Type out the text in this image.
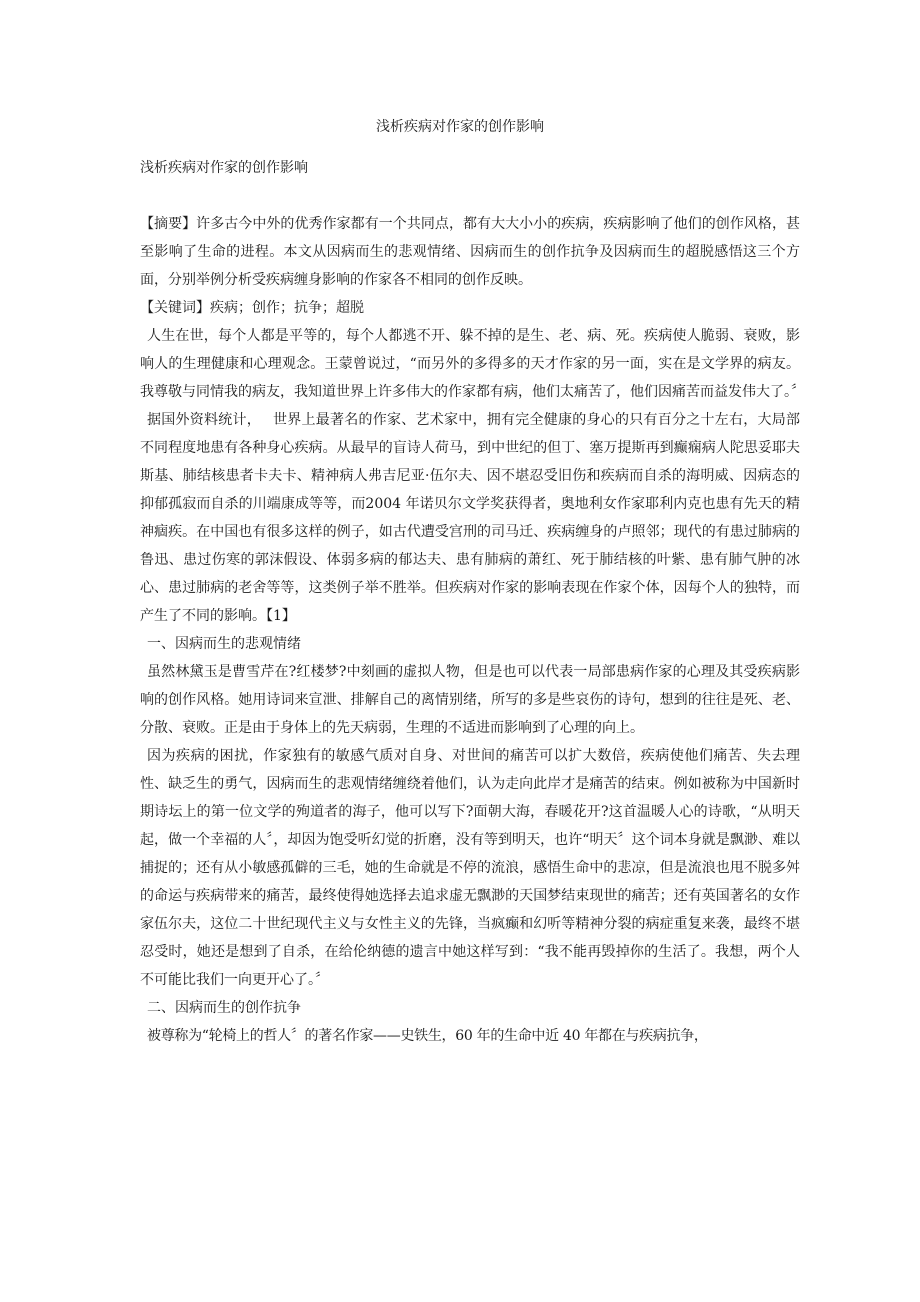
浅析疾病对作家的创作影响
浅析疾病对作家的创作影响

【摘要】许多古今中外的优秀作家都有一个共同点，都有大大小小的疾病，疾病影响了他们的创作风格，甚至影响了生命的进程。本文从因病而生的悲观情绪、因病而生的创作抗争及因病而生的超脱感悟这三个方面，分别举例分析受疾病缠身影响的作家各不相同的创作反映。

【关键词】疾病；创作；抗争；超脱

人生在世，每个人都是平等的，每个人都逃不开、躲不掉的是生、老、病、死。疾病使人脆弱、衰败，影响人的生理健康和心理观念。王蒙曾说过，“而另外的多得多的天才作家的另一面，实在是文学界的病友。我尊敬与同情我的病友，我知道世界上许多伟大的作家都有病，他们太痛苦了，他们因痛苦而益发伟大了。〞

据国外资料统计，　 世界上最著名的作家、艺术家中，拥有完全健康的身心的只有百分之十左右，大局部不同程度地患有各种身心疾病。从最早的盲诗人荷马，到中世纪的但丁、塞万提斯再到癫痫病人陀思妥耶夫斯基、肺结核患者卡夫卡、精神病人弗吉尼亚·伍尔夫、因不堪忍受旧伤和疾病而自杀的海明威、因病态的抑郁孤寂而自杀的川端康成等等，而2004 年诺贝尔文学奖获得者，奥地利女作家耶利内克也患有先天的精神痼疾。在中国也有很多这样的例子，如古代遭受宫刑的司马迁、疾病缠身的卢照邻；现代的有患过肺病的鲁迅、患过伤寒的郭沫假设、体弱多病的郁达夫、患有肺病的萧红、死于肺结核的叶紫、患有肺气肿的冰心、患过肺病的老舍等等，这类例子举不胜举。但疾病对作家的影响表现在作家个体，因每个人的独特，而产生了不同的影响。【1】

一、因病而生的悲观情绪

虽然林黛玉是曹雪芹在?红楼梦?中刻画的虚拟人物，但是也可以代表一局部患病作家的心理及其受疾病影响的创作风格。她用诗词来宣泄、排解自己的离情别绪，所写的多是些哀伤的诗句，想到的往往是死、老、分散、衰败。正是由于身体上的先天病弱，生理的不适进而影响到了心理的向上。

因为疾病的困扰，作家独有的敏感气质对自身、对世间的痛苦可以扩大数倍，疾病使他们痛苦、失去理性、缺乏生的勇气，因病而生的悲观情绪缠绕着他们，认为走向此岸才是痛苦的结束。例如被称为中国新时期诗坛上的第一位文学的殉道者的海子，他可以写下?面朝大海，春暖花开?这首温暖人心的诗歌，“从明天起，做一个幸福的人〞，却因为饱受听幻觉的折磨，没有等到明天，也许“明天〞这个词本身就是飘渺、难以捕捉的；还有从小敏感孤僻的三毛，她的生命就是不停的流浪，感悟生命中的悲凉，但是流浪也甩不脱多舛的命运与疾病带来的痛苦，最终使得她选择去追求虚无飘渺的天国梦结束现世的痛苦；还有英国著名的女作家伍尔夫，这位二十世纪现代主义与女性主义的先锋，当疯癫和幻听等精神分裂的病症重复来袭，最终不堪忍受时，她还是想到了自杀，在给伦纳德的遗言中她这样写到：“我不能再毁掉你的生活了。我想，两个人不可能比我们一向更开心了。〞

二、因病而生的创作抗争

被尊称为“轮椅上的哲人〞的著名作家——史铁生，60 年的生命中近 40 年都在与疾病抗争，
